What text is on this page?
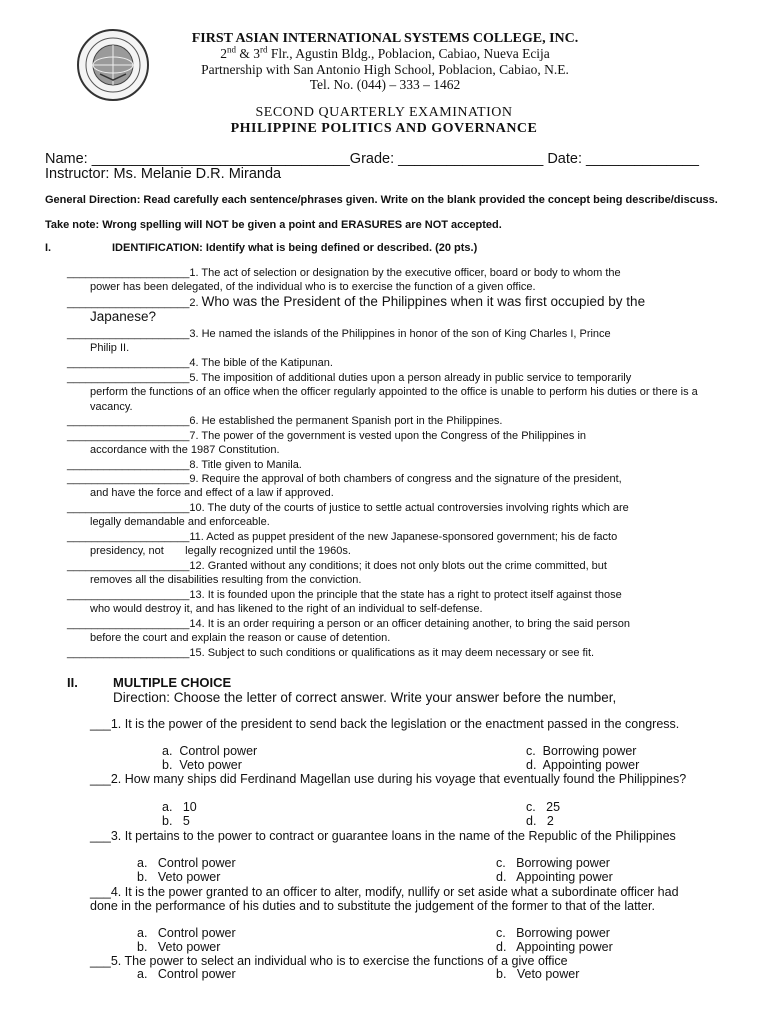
FIRST ASIAN INTERNATIONAL SYSTEMS COLLEGE, INC.
2nd & 3rd Flr., Agustin Bldg., Poblacion, Cabiao, Nueva Ecija
Partnership with San Antonio High School, Poblacion, Cabiao, N.E.
Tel. No. (044) – 333 – 1462
SECOND QUARTERLY EXAMINATION
PHILIPPINE POLITICS AND GOVERNANCE
Name: ________________________________Grade: __________________ Date: ______________
Instructor: Ms. Melanie D.R. Miranda
General Direction: Read carefully each sentence/phrases given. Write on the blank provided the concept being describe/discuss.
Take note: Wrong spelling will NOT be given a point and ERASURES are NOT accepted.
I.	IDENTIFICATION: Identify what is being defined or described. (20 pts.)
____________________1. The act of selection or designation by the executive officer, board or body to whom the
power has been delegated, of the individual who is to exercise the function of a given office.
____________________2. Who was the President of the Philippines when it was first occupied by the
Japanese?
____________________3. He named the islands of the Philippines in honor of the son of King Charles I, Prince
Philip II.
____________________4. The bible of the Katipunan.
____________________5. The imposition of additional duties upon a person already in public service to temporarily
perform the functions of an office when the officer regularly appointed to the office is unable to perform his duties or there is a vacancy.
____________________6. He established the permanent Spanish port in the Philippines.
____________________7. The power of the government is vested upon the Congress of the Philippines in
accordance with the 1987 Constitution.
____________________8. Title given to Manila.
____________________9. Require the approval of both chambers of congress and the signature of the president,
and have the force and effect of a law if approved.
____________________10. The duty of the courts of justice to settle actual controversies involving rights which are
legally demandable and enforceable.
____________________11. Acted as puppet president of the new Japanese-sponsored government; his de facto
presidency, not       legally recognized until the 1960s.
____________________12. Granted without any conditions; it does not only blots out the crime committed, but
removes all the disabilities resulting from the conviction.
____________________13. It is founded upon the principle that the state has a right to protect itself against those
who would destroy it, and has likened to the right of an individual to self-defense.
____________________14. It is an order requiring a person or an officer detaining another, to bring the said person
before the court and explain the reason or cause of detention.
____________________15. Subject to such conditions or qualifications as it may deem necessary or see fit.
II.	MULTIPLE CHOICE
Direction: Choose the letter of correct answer. Write your answer before the number,
___1. It is the power of the president to send back the legislation or the enactment passed in the congress.
a.  Control power
b.  Veto power
c.  Borrowing power
d.  Appointing power
___2. How many ships did Ferdinand Magellan use during his voyage that eventually found the Philippines?
a.   10
b.   5
c.   25
d.   2
___3. It pertains to the power to contract or guarantee loans in the name of the Republic of the Philippines
a.   Control power
b.   Veto power
c.   Borrowing power
d.   Appointing power
___4. It is the power granted to an officer to alter, modify, nullify or set aside what a subordinate officer had done in the performance of his duties and to substitute the judgement of the former to that of the latter.
a.   Control power
b.   Veto power
c.   Borrowing power
d.   Appointing power
___5. The power to select an individual who is to exercise the functions of a give office
a.   Control power	b.   Veto power
